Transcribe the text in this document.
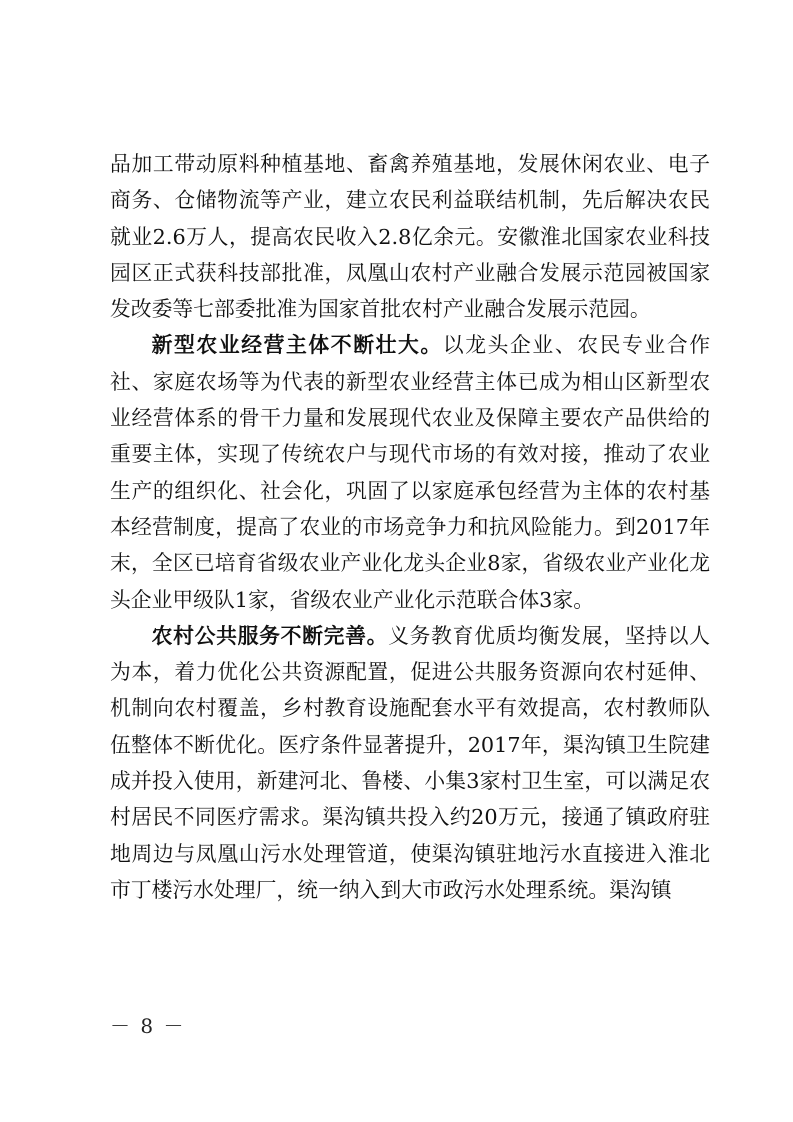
品加工带动原料种植基地、畜禽养殖基地，发展休闲农业、电子商务、仓储物流等产业，建立农民利益联结机制，先后解决农民就业2.6万人，提高农民收入2.8亿余元。安徽淮北国家农业科技园区正式获科技部批准，凤凰山农村产业融合发展示范园被国家发改委等七部委批准为国家首批农村产业融合发展示范园。

新型农业经营主体不断壮大。以龙头企业、农民专业合作社、家庭农场等为代表的新型农业经营主体已成为相山区新型农业经营体系的骨干力量和发展现代农业及保障主要农产品供给的重要主体，实现了传统农户与现代市场的有效对接，推动了农业生产的组织化、社会化，巩固了以家庭承包经营为主体的农村基本经营制度，提高了农业的市场竞争力和抗风险能力。到2017年末，全区已培育省级农业产业化龙头企业8家，省级农业产业化龙头企业甲级队1家，省级农业产业化示范联合体3家。

农村公共服务不断完善。义务教育优质均衡发展，坚持以人为本，着力优化公共资源配置，促进公共服务资源向农村延伸、机制向农村覆盖，乡村教育设施配套水平有效提高，农村教师队伍整体不断优化。医疗条件显著提升，2017年，渠沟镇卫生院建成并投入使用，新建河北、鲁楼、小集3家村卫生室，可以满足农村居民不同医疗需求。渠沟镇共投入约20万元，接通了镇政府驻地周边与凤凰山污水处理管道，使渠沟镇驻地污水直接进入淮北市丁楼污水处理厂，统一纳入到大市政污水处理系统。渠沟镇

－ 8 －
